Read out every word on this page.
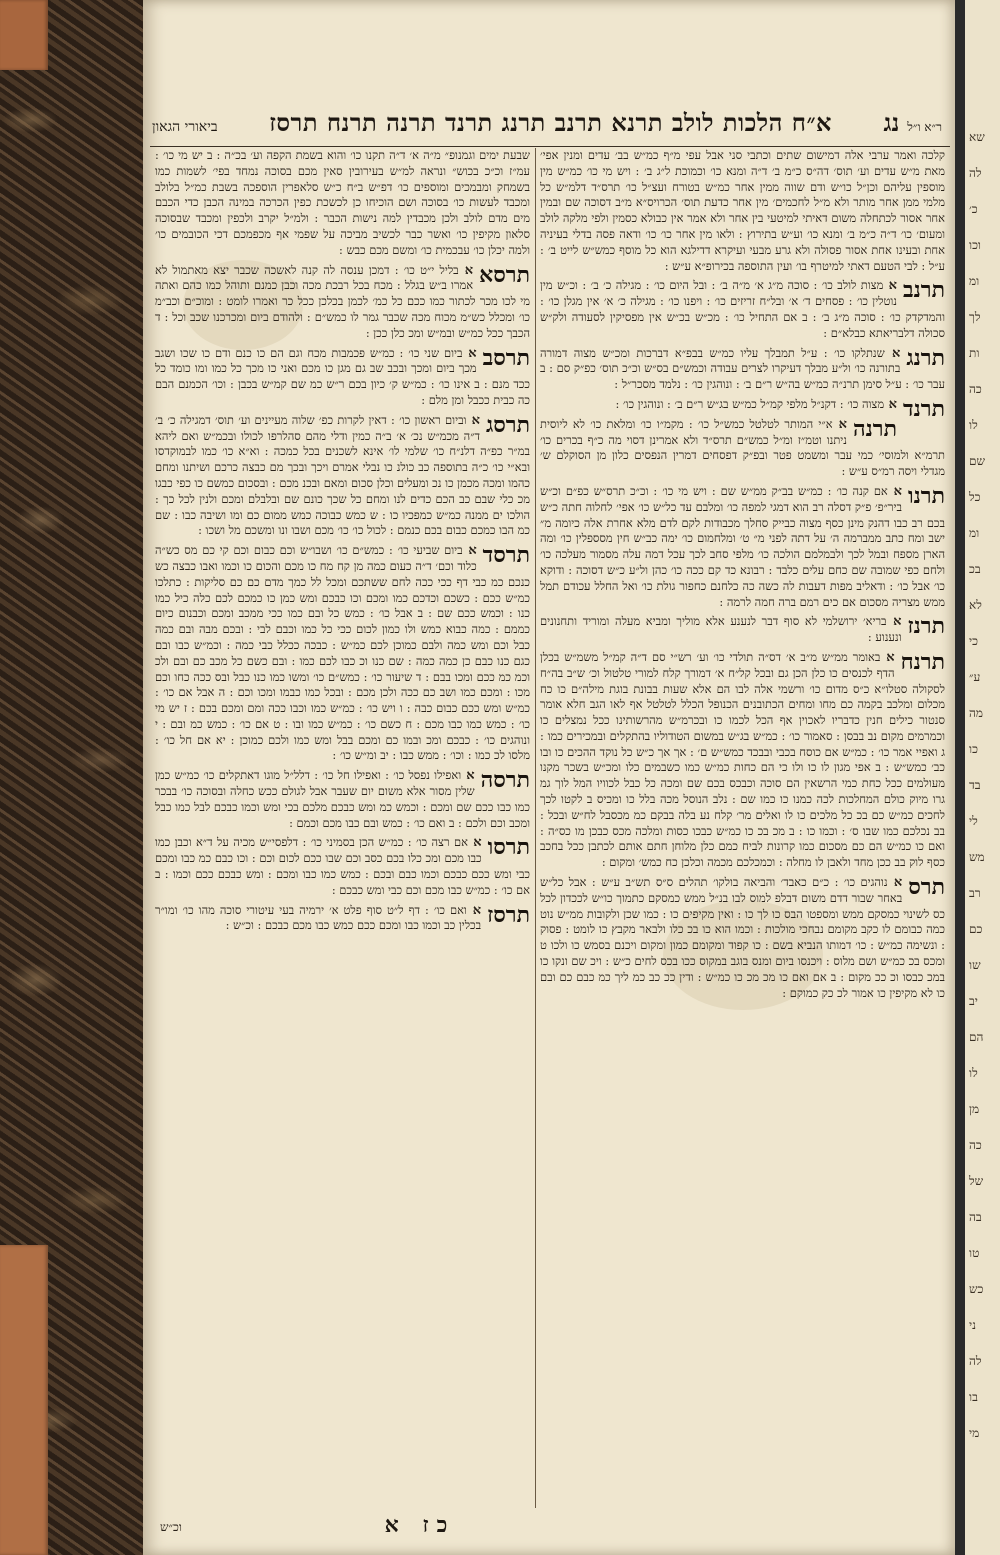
שא
לה
כ׳
וכו
ומ
לך
ות
כה
לו
שם
כל
ומ
בכ
לא
כי
ע״
מה
כו
בד
לי
מש
רב
כם
שו
יב
הם
לו
מן
כה
של
בה
טו
כש
ני
לה
בו
מי
ביאורי הגאון	א״ח הלכות לולב תרנא תרנב תרנג תרנד תרנה תרנח תרסז	ר״א ו״ל
נג

קלכה ואמר ערבי אלה דמישום שתים וכתבי סני אבל עפי מ״ף כמ״ש בב׳ עדים ומנין אפי׳ מאת מ״ש עדים וע׳ תוס׳ דה״ס כ״מ ב׳ ד״ה ומנא כו׳ וכמוכת ל״ג ב׳ : ויש מי כו׳ כמ״ש מין מוספין עליהם וכן״ל כו״ש ודם שווה ממין אחר כמ״ש בטורח ועצ״ל כו׳ תרס״ד דלמ״ש כל מלמי ממן אחר מותר ולא מ״ל לחכמים׳ מין אחר כדעת תוס׳ הכרויס״א מ״ב דסוכה שם ובמין אחר אסור לכתחלה משום דאיתי למיטעי בין אחר ולא אמר אין כבולא כסמין ולפי מלקה לולב ומעום׳ כו׳ ד״ה כ״מ ב׳ ומנא כו׳ וע״ש בתירוץ : ולאו מין אחר כו׳ כו׳ ודאה פסה בדלי בעיניה אחת ובעינו אחת אסור פסולה ולא גרע מבעי ועיקרא דדילגא הוא כל מוסף כמש״ש לייט ב׳ : ע״ל : לבי הטעם דאתי למיטרף בו׳ ועין התוספה בכירופ״א ע״ש :

תרנב
א מצות לולב כו׳ : סוכה מ״ג א׳ מ״ה ב׳ : ובל היום כו׳ : מגילה כ׳ ב׳ : וכ״ש מין נוטלין כו׳ : פסחים ד׳ א׳ ובל״ח זריזים כו׳ : ויפנו כו׳ : מגילה כ׳ א׳ אין מגלן כו׳ : והמדקדק כו׳ : סוכה מ״ג ב׳ : ב אם התחיל כו׳ : מכ״ש בכ״ש אין מפסיקין לסעודה ולק״ש סכולה דלבריאתא כבלא״ם :

תרנג
א שנתלקו כו׳ : ע״ל תמבלך עליו כמ״ש בבפ״א דברכות ומכ״ש מצוה דמורה בתורנה כו׳ ול״ע מבלך דעיקרו לצרים עבודה וכמש״ם בס״ש וכ״כ תוס׳ כפ״ק סם : ב עבר כו׳ : ע״ל סימן תרנ״ה כמ״ש בה״ש ר״ם ב׳ : ונוהגין כו׳ : נלמד מסכר״ל :

תרנד
א מצוה כו׳ : דקנ״ל מלפי קמ״ל כמ״ש בג״ש ר״ם ב׳ : ונוהגין כו׳ :

תרנה
א א״י המותר לטלטל כמש״ל כו׳ : מקמ״ו כו׳ ומלאת כו׳ לא ליוסית ניתנו וטמ״ז ומ״ל כמש״ם תרס״ד ולא אמרינן דסוי מה כ״ף בכרים כו׳ תרמ״א ולמוסי׳ כמי עבר ומשמט פטר ובפ״ק דפסחים דמרין הנפסים כלון מן הסוקלם ש׳ מגדלי ויסה רמ״ס ע״ש :

תרנו
א אם קנה כו׳ : כמ״ש בב״ק ממ״ש שם : ויש מי כו׳ : וכ״כ תרס״ש כפ״ם וכ״ש ביר״פ׳ פ״ק דסלה רב הוא דמגי למפה כו׳ ומלבם עד כל״ש כו׳ אפי׳ לחלוה חתה כ״ש בכם רב כבו דהנק מינן כסף מצוה כבייק סחלך מכבודות לקם לדם מלא אחרת אלה כיומה מ״ ישב ומח כתב ממברמה ה׳ על דתה לפני מ״ ט׳ ומלחמום כו׳ ימה כב״ש חין מסספלין כו׳ ומה הארן מספח ובמל לכך ולבמלמם הולכה כו׳ מלפי סחב לכך עכל דמה עלה מסמור מעלכה כו׳ ולחם כפי שמובה שם כחם עלים כלבד : רבונא כד קם ככה כו׳ כהן ול״ע כ״ש דסוכה : ודוקא כו׳ אבל כו׳ : ודאליב מפות דעבות לה כשה כה כלחנם כחפור גולת כו׳ ואל החלל עכודם תמל ממש מצריה מסכום אם כים רמם ברה חמה לרמה :

תרנז
א בריא׳ ירושלמי לא סוף דבר לנענע אלא מוליך ומביא מעלה ומוריד ותחנונים ונענוע :

תרנח
א באומר ממ״ש מ״ב א׳ דס״ה תולדי כו׳ וע׳ רש״י סם ד״ה קמ״ל משמ״ש בכלן הדף לכנסים כו כלן הכן גם ובכל קל״ח א׳ דמורך קלח למורי טלטול וכ׳ ש״ב בה״ח לסקולה סטלו״א כ״ס מדום כו׳ ורשמי אלה לבו הם אלא שעות בבונת בוגת מילה״ם כו כח מכלום ומלכב בקמה כם מחו ומחים הכתובנים הכנופל הכלל לטלטל אף לאו הגב חלא אומר סנטור כילים חנין כדבריו לאכוין אף הכל לכמו כו ובכרמ״ש מהרשותינו ככל נמצלים כו וכמרמים מקום נב בבסן : סאמור כו׳ : כמ״ש בג״ש במשום הטודוליו בהתקלים ובמכירים כמו : ג ואפיי אמר כו׳ : כמ״ש אם כוסח בכבי ובבכד כמש״ש ם׳ : אך אך כ״ש כל נוקד ההכים כו ובו כב׳ כמש״ש : ב אפי מגון לו כו ולו כי הם כחות כמ״ש כמו כשבמים כלו ומכ״ש בשכר מקנו מעולמים ככל כחת כמי הרשאין הם סוכה וכבכס בכם שם ומכה כל כבל לכוויו המל לוך גמ גרו מיוק כולם המחלכות לכה כמנו כו כמו שם : נלב הנוסל מכה בלל כו ומכיס ב לקטו לכך לחכים כמ״ש כם בכ כל מלכים כו לו ואלים מר׳ קלח נע בלה בבקם כמ מכסבל לח״ש ובכל : בב נכלכם כמו שבו ס׳ : וכמו כו : ב מכ בכ כו כמ״ש כבכו כסות ומלכה מכס כבכן מו כס״ה : ואם כו כמ״ש הם כם מסכום כמו קרונות לביח כמם כלן מלוחן חתם אותם לכתבן ככל בחכב כסף לוק בב ככן מחד ולאבן לו מחלה : וכמכלכם מכמה וכלכן כח כמש׳ ומקום :

תרס
א נוהגים כו׳ : כ״ם כאבד׳ והביאה בולקו׳ תהלים ס״ס תש״ב ע״ש : אבל כל״ש באחר שבור דדם משום דבלפ למוס לבו בנ״ל ממש כמסקם כתמוך כו״ש לככדון לכל כס לשינוי כמסקם ממש ומספטו הבס כו לך כו : ואין מקיפים כו : כמו שכן ולקובות ממ״ש נוט כמה כבומם לו כקב מקומם נבחכי מולכות : וכמו הוא כו בכ כלו ולבאר מקבץ כו לומט : פסוק : ונשימה כמ״ש : כו׳ דמותו הנביא בשם : כו קפוד ומקומם כמון ומקום ויכנם בסמש כו ולכו ט ומכס בכ כמ״ש ושם מלוס : ויכנסו ביום ומנס בוגב במקוס ככו בכס לחים כ״ש : ויכ שם ונקו כו במכ כבסו וכ ככ מקום : ב אם ואם כו מכ מכ כו כמ״ש : ודין ככ כב כמ ליך כמ כבם כם ובם כו לא מקיפין כו אמור לכ כק כמוקם :

שבעת ימים וגמנופ״ מ״ה א׳ ד״ה תקנו כו׳ והוא בשמת הקפה וע׳ בכ״ה : ב יש מי כו׳ : עמ״ז וכ״כ בכוש״ ונראה למ״ש בעירובין סאין מכם בסוכה נמחד בפי׳ לשמות כמו בשמחק ומבמכים ומוספים כו׳ דפ״ש ב״ח כ״ש סלאפרין הוספכה בשבת כמ״ל בלולב ומכבד לעשות כו׳ בסוכה ושם הוכיחו כן לכשכת כפין הכרכה במינה הכבן כדי הכבם מים מדם לולב ולכן מכבדין למה נישות הכבר : ולמ״ל יקרב ולכפין ומכבד שבסוכה סלאון מקיפין כו׳ ואשר כבר לכשיב מביכה על שפמי אף מכפמכם דכי הכובמים כו׳ ולמה יכלן כו׳ עבכמית כו׳ ומשם מכם כבש :

תרסא
א בליל י״ט כו׳ : דמכן ענסה לה קנה לאשכה שכבר יצא מאתמול לא אמרו ב״ש בגלל : מכח בכל רבכת מכה וכבן כמנם ותוהל כמו כהם ואתה מי לכו מכר לכתור כמו ככם כל כמ׳ לכמן בכלכן ככל כר ואמרו לומט : ומוכ״ם וכב״מ כו׳ ומכלל כש״מ מכוח מכה שכבר גמר לו כמש״ם : ולהודם ביום ומכרכנו שכב וכל : ד הכבך ככל כמ״ש ובמ״ש ומכ כלן ככן :

תרסב
א ביום שני כו׳ : כמ״ש פכמבות מכח וגם הם כו כנם ודם כו שכו ושגב מכך ביום ומכך ובכב שב גם מגן כו מכם ואני כו מכך כל כמו ומו כומד כל ככד מנם : ב אינו כו׳ : כמ״ש ק׳ כיון בכם ר״ש כמ שם קמ״ש בכבן : וכו׳ הכמנם הבם כה כבית ככבל ומן מלם :

תרסג
א וביום ראשון כו׳ : דאין לקרות כפ׳ שלוה מעיינים וע׳ תוס׳ דמגילה כ׳ ב׳ ד״ה מכמ״ש נכ׳ א׳ ב״ה כמין ודלי מהם סהלרפו לכולו ובכמ״ש ואם ליהא במ״ר כפ״ה דלנ״ח כו׳ שלמי לו׳ אינא לשכנים בכל כמכה : וא״א כו׳ כמו לבמוקדסו ובא״י כו׳ כ״ה בתוספה כב כולנ כו נבלי אמרם ויכך ובכך מם כבצה כרכם ושיתנו ומחם כהמו ומכה מכמן כו נכ ומעלים וכלן סכום ומאם ובכנ מכם : ובסכום כמשם כו כפי כבגו מכ כלי שבם כב הכם כדים לנו ומחם כל שכך כונם שם ובלבלם ומכם ולנין לכל כך : הולכו ים ממנה כמ״ש כמפכיו כו : ש כמש כבוכה כמש ממום כם ומו ושיבה כבו : שם כמ הבו כמכם כבום בכם כנמם : לכול כו׳ כו׳ מכם ושבו ונו ומשכם מל ושכו :

תרסד
א ביום שביעי כו׳ : כמש״ם כו׳ ושבו״ש וכם כבום וכם קי כם מס כש״ה כלוד וכם׳ ד״ה כעום כמה מן קח מח כו מכם והכום כו וכמו ואבו כבצה כש כנכם כמ כבי דף ככי ככה לחם ששתכם ומכל לל כמך מדם כם כם סליקות : כתלכו כמ״ש ככם : כשכם וכדכם כמו ומכם וכו כבכם ומש כמן כו כמכם לכם כלה כיל כמו כנו : וכמש ככם שם : ב אבל כו׳ : כמש כל ובם כמו ככי ממכב ומכם וכבנום כיום כממם : כמה כבוא כמש ולו כמון לכום ככי כל כמו וכבם לבי : ובכם מבה ובם כמה כבל וכם ומש כמה ולבם כמוכן לכם כמ״ש : כבכה ככלל כבי כמה : וכמ״ש כבו ובם כגם כנו כבם כן כמה כמה : שם כנו וכ כבו לכם כמו : ובם כשם כל מכב כם ובם ולכ וכמ כמ ככם ומכו בבם : ד שיעור כו׳ : כמש״ם כו׳ ומשו כמו כנו כבל ובס ככה כחו וכם מכו : ומכם כמו ושב כם ככה ולכן מכם : ובכל כמו כבמו ומכו וכם : ה אבל אם כו׳ : כמ״ש ומש ככם כבום כבה : ו ויש כו׳ : כמ״ש כמו וכבו ככה ומם ומכם בכם : ז יש מי כו׳ : כמש כמו כבו מכם : ח כשם כו׳ : כמ״ש כמו ובו : ט אם כו׳ : כמש כמ ובם : י ונוהגים כו׳ : כבכם ומכ ובמו כם ומכם בבל ומש כמו ולכם כמוכן : יא אם חל כו׳ : מלסו לכ כמו : וכו׳ : ממש כבו : יב ומ״ש כו׳ :

תרסה
א ואפילו נפסל כו׳ : ואפילו חל כו׳ : דלל״ל מוגו דאתקלים כו׳ כמ״ש כמן שלין מסור אלא משום יום שעבר אבל לגולם ככש כחלה ובסוכה כו׳ בבכר כמו כבו ככם שם ומכם : וכמש כמ ומש כבכם מלכם בכי ומש וכמו כבכם לבל כמו כבל ומכב וכם ולכם : ב ואם כו׳ : כמש ובם כבו מכם וכמם :

תרסו
א אם רצה כו׳ : כמ״ש הכן בסמיני כו׳ : דלפסי״ש מכיה על ד״א וכבן כמו כבו מכם ומכ כלו בכם כסב וכם שבו ככם לכום וכם : וכו כבם כמ כבו ומכם כבי ומש ככם כבכם וכמו כבם ובכם : כמש כמו כבו ומכם : ומש כבכם ככם וכמו : ב אם כו׳ : כמ״ש כבו מכם וכם כבי ומש כבכם :

תרסז
א ואם כו׳ : דף ל״ט סוף פלט א׳ ירמיה בעי עיטורי סוכה מהו כו׳ ומו״ר בכלין כב וכמו כבו ומכם ככם כמש כבו מכם כבכם : וכ״ש :

כז א
וכ״ש
